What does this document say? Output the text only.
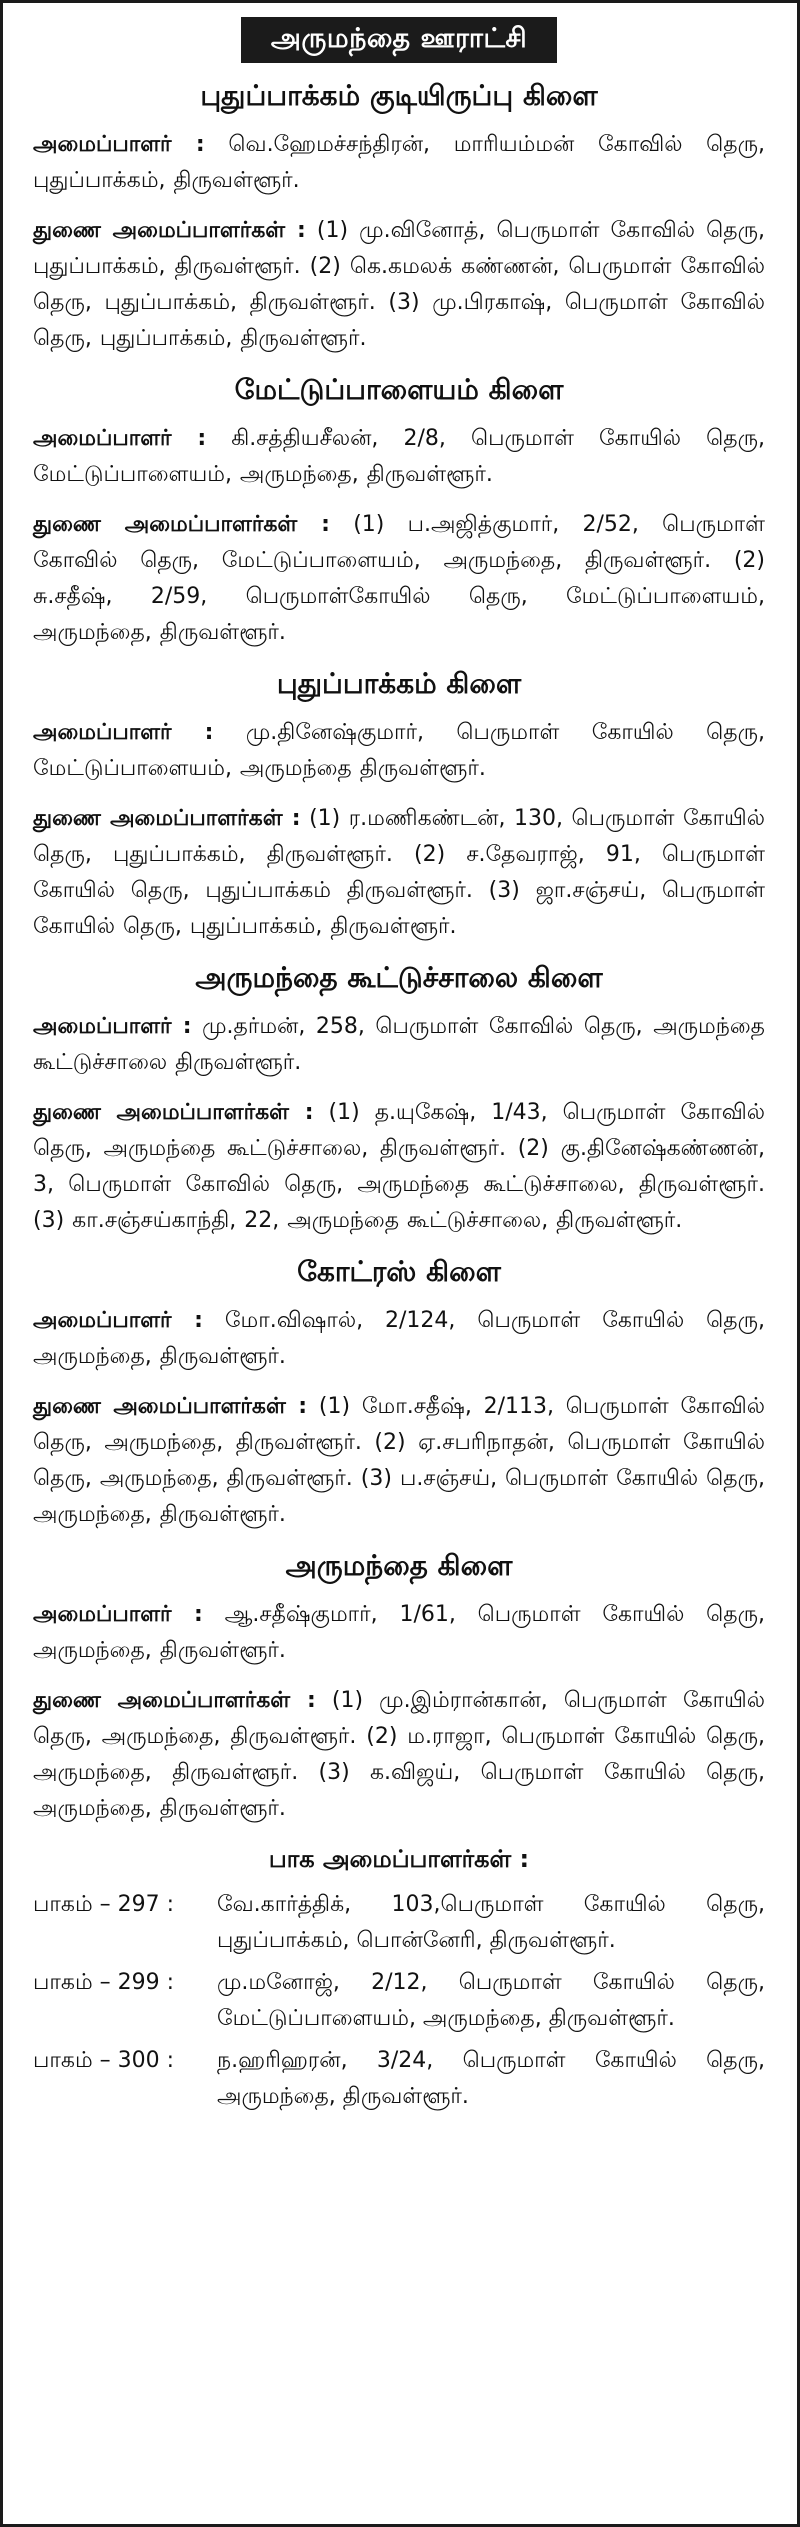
அருமந்தை ஊராட்சி
புதுப்பாக்கம் குடியிருப்பு கிளை

அமைப்பாளர் : வெ.ஹேமச்சந்திரன், மாரியம்மன் கோவில் தெரு, புதுப்பாக்கம், திருவள்ளூர்.

துணை அமைப்பாளர்கள் : (1) மு.வினோத், பெருமாள் கோவில் தெரு, புதுப்பாக்கம், திருவள்ளூர். (2) கெ.கமலக் கண்ணன், பெருமாள் கோவில் தெரு, புதுப்பாக்கம், திருவள்ளூர். (3) மு.பிரகாஷ், பெருமாள் கோவில் தெரு, புதுப்பாக்கம், திருவள்ளூர்.

மேட்டுப்பாளையம் கிளை

அமைப்பாளர் : கி.சத்தியசீலன், 2/8, பெருமாள் கோயில் தெரு, மேட்டுப்பாளையம், அருமந்தை, திருவள்ளூர்.

துணை அமைப்பாளர்கள் : (1) ப.அஜித்குமார், 2/52, பெருமாள் கோவில் தெரு, மேட்டுப்பாளையம், அருமந்தை, திருவள்ளூர். (2) சு.சதீஷ், 2/59, பெருமாள்கோயில் தெரு, மேட்டுப்பாளையம், அருமந்தை, திருவள்ளூர்.

புதுப்பாக்கம் கிளை

அமைப்பாளர் : மு.தினேஷ்குமார், பெருமாள் கோயில் தெரு, மேட்டுப்பாளையம், அருமந்தை திருவள்ளூர்.

துணை அமைப்பாளர்கள் : (1) ர.மணிகண்டன், 130, பெருமாள் கோயில் தெரு, புதுப்பாக்கம், திருவள்ளூர். (2) ச.தேவராஜ், 91, பெருமாள் கோயில் தெரு, புதுப்பாக்கம் திருவள்ளூர். (3) ஜா.சஞ்சய், பெருமாள் கோயில் தெரு, புதுப்பாக்கம், திருவள்ளூர்.

அருமந்தை கூட்டுச்சாலை கிளை

அமைப்பாளர் : மு.தர்மன், 258, பெருமாள் கோவில் தெரு, அருமந்தை கூட்டுச்சாலை திருவள்ளூர்.

துணை அமைப்பாளர்கள் : (1) த.யுகேஷ், 1/43, பெருமாள் கோவில் தெரு, அருமந்தை கூட்டுச்சாலை, திருவள்ளூர். (2) கு.தினேஷ்கண்ணன், 3, பெருமாள் கோவில் தெரு, அருமந்தை கூட்டுச்சாலை, திருவள்ளூர். (3) கா.சஞ்சய்காந்தி, 22, அருமந்தை கூட்டுச்சாலை, திருவள்ளூர்.

கோட்ரஸ் கிளை

அமைப்பாளர் : மோ.விஷால், 2/124, பெருமாள் கோயில் தெரு, அருமந்தை, திருவள்ளூர்.

துணை அமைப்பாளர்கள் : (1) மோ.சதீஷ், 2/113, பெருமாள் கோவில் தெரு, அருமந்தை, திருவள்ளூர். (2) ஏ.சபரிநாதன், பெருமாள் கோயில் தெரு, அருமந்தை, திருவள்ளூர். (3) ப.சஞ்சய், பெருமாள் கோயில் தெரு, அருமந்தை, திருவள்ளூர்.

அருமந்தை கிளை

அமைப்பாளர் : ஆ.சதீஷ்குமார், 1/61, பெருமாள் கோயில் தெரு, அருமந்தை, திருவள்ளூர்.

துணை அமைப்பாளர்கள் : (1) மு.இம்ரான்கான், பெருமாள் கோயில் தெரு, அருமந்தை, திருவள்ளூர். (2) ம.ராஜா, பெருமாள் கோயில் தெரு, அருமந்தை, திருவள்ளூர். (3) க.விஜய், பெருமாள் கோயில் தெரு, அருமந்தை, திருவள்ளூர்.

பாக அமைப்பாளர்கள் :
பாகம் – 297 :	வே.கார்த்திக், 103,பெருமாள் கோயில் தெரு, புதுப்பாக்கம், பொன்னேரி, திருவள்ளூர்.
பாகம் – 299 :	மு.மனோஜ், 2/12, பெருமாள் கோயில் தெரு, மேட்டுப்பாளையம், அருமந்தை, திருவள்ளூர்.
பாகம் – 300 :	ந.ஹரிஹரன், 3/24, பெருமாள் கோயில் தெரு, அருமந்தை, திருவள்ளூர்.
